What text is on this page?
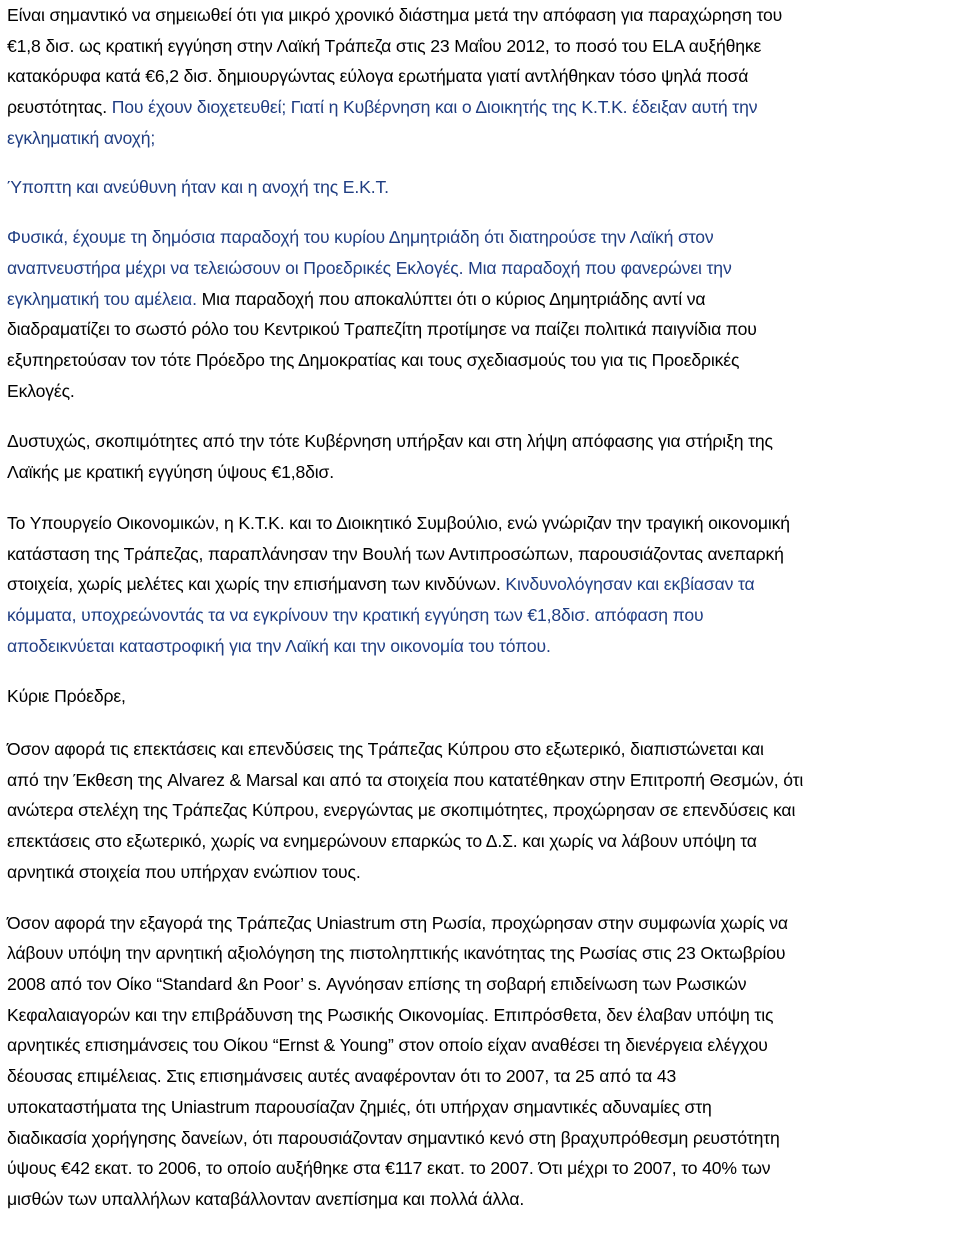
Είναι σημαντικό να σημειωθεί ότι για μικρό χρονικό διάστημα μετά την απόφαση για παραχώρηση του
€1,8 δισ. ως κρατική εγγύηση στην Λαϊκή Τράπεζα στις 23 Μαΐου 2012, το ποσό του ELA αυξήθηκε
κατακόρυφα κατά €6,2 δισ. δημιουργώντας εύλογα ερωτήματα γιατί αντλήθηκαν τόσο ψηλά ποσά
ρευστότητας. Που έχουν διοχετευθεί; Γιατί η Κυβέρνηση και ο Διοικητής της Κ.Τ.Κ. έδειξαν αυτή την
εγκληματική ανοχή;
Ύποπτη και ανεύθυνη ήταν και η ανοχή της Ε.Κ.Τ.
Φυσικά, έχουμε τη δημόσια παραδοχή του κυρίου Δημητριάδη ότι διατηρούσε την Λαϊκή στον
αναπνευστήρα μέχρι να τελειώσουν οι Προεδρικές Εκλογές. Μια παραδοχή που φανερώνει την
εγκληματική του αμέλεια. Μια παραδοχή που αποκαλύπτει ότι ο κύριος Δημητριάδης αντί να
διαδραματίζει το σωστό ρόλο του Κεντρικού Τραπεζίτη προτίμησε να παίζει πολιτικά παιγνίδια που
εξυπηρετούσαν τον τότε Πρόεδρο της Δημοκρατίας και τους σχεδιασμούς του για τις Προεδρικές
Εκλογές.
Δυστυχώς, σκοπιμότητες από την τότε Κυβέρνηση υπήρξαν και στη λήψη απόφασης για στήριξη της
Λαϊκής με κρατική εγγύηση ύψους €1,8δισ.
Το Υπουργείο Οικονομικών, η Κ.Τ.Κ. και το Διοικητικό Συμβούλιο, ενώ γνώριζαν την τραγική οικονομική
κατάσταση της Τράπεζας, παραπλάνησαν την Βουλή των Αντιπροσώπων, παρουσιάζοντας ανεπαρκή
στοιχεία, χωρίς μελέτες και χωρίς την επισήμανση των κινδύνων. Κινδυνολόγησαν και εκβίασαν τα
κόμματα, υποχρεώνοντάς τα να εγκρίνουν την κρατική εγγύηση των €1,8δισ. απόφαση που
αποδεικνύεται καταστροφική για την Λαϊκή και την οικονομία του τόπου.
Κύριε Πρόεδρε,
Όσον αφορά τις επεκτάσεις και επενδύσεις της Τράπεζας Κύπρου στο εξωτερικό, διαπιστώνεται και
από την Έκθεση της Alvarez & Marsal και από τα στοιχεία που κατατέθηκαν στην Επιτροπή Θεσμών, ότι
ανώτερα στελέχη της Τράπεζας Κύπρου, ενεργώντας με σκοπιμότητες, προχώρησαν σε επενδύσεις και
επεκτάσεις στο εξωτερικό, χωρίς να ενημερώνουν επαρκώς το Δ.Σ. και χωρίς να λάβουν υπόψη τα
αρνητικά στοιχεία που υπήρχαν ενώπιον τους.
Όσον αφορά την εξαγορά της Τράπεζας Uniastrum στη Ρωσία, προχώρησαν στην συμφωνία χωρίς να
λάβουν υπόψη την αρνητική αξιολόγηση της πιστοληπτικής ικανότητας της Ρωσίας στις 23 Οκτωβρίου
2008 από τον Οίκο “Standard &n Poor’ s. Αγνόησαν επίσης τη σοβαρή επιδείνωση των Ρωσικών
Κεφαλαιαγορών και την επιβράδυνση της Ρωσικής Οικονομίας. Επιπρόσθετα, δεν έλαβαν υπόψη τις
αρνητικές επισημάνσεις του Οίκου “Ernst & Young” στον οποίο είχαν αναθέσει τη διενέργεια ελέγχου
δέουσας επιμέλειας. Στις επισημάνσεις αυτές αναφέρονταν ότι το 2007, τα 25 από τα 43
υποκαταστήματα της Uniastrum παρουσίαζαν ζημιές, ότι υπήρχαν σημαντικές αδυναμίες στη
διαδικασία χορήγησης δανείων, ότι παρουσιάζονταν σημαντικό κενό στη βραχυπρόθεσμη ρευστότητη
ύψους €42 εκατ. το 2006, το οποίο αυξήθηκε στα €117 εκατ. το 2007. Ότι μέχρι το 2007, το 40% των
μισθών των υπαλλήλων καταβάλλονταν ανεπίσημα και πολλά άλλα.
